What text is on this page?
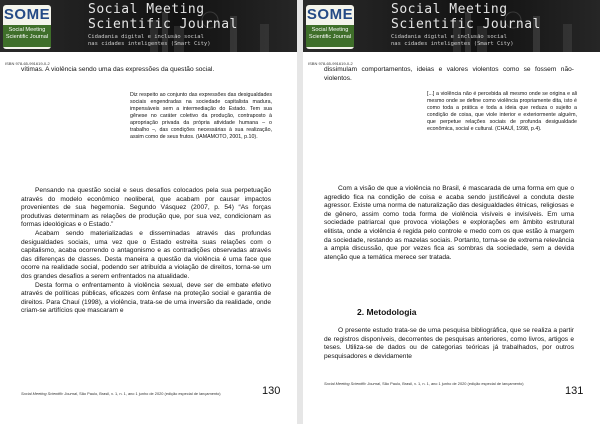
SOME
Social Meeting Scientific Journal
Social Meeting
Scientific Journal
Cidadania digital e inclusão social
nas cidades inteligentes (Smart City)
ISBN 978-65-991619-0-2

vítimas. A violência sendo uma das expressões da questão social.

Diz respeito ao conjunto das expressões das desigualdades sociais engendradas na sociedade capitalista madura, impensáveis sem a intermediação do Estado. Tem sua gênese no caráter coletivo da produção, contraposto à apropriação privada da própria atividade humana – o trabalho –, das condições necessárias à sua realização, assim como de seus frutos. (IAMAMOTO, 2001, p.10).

Pensando na questão social e seus desafios colocados pela sua perpetuação através do modelo econômico neoliberal, que acabam por causar impactos provenientes de sua hegemonia. Segundo Vásquez (2007, p. 54) “As forças produtivas determinam as relações de produção que, por sua vez, condicionam as formas ideológicas e o Estado.”

Acabam sendo materializadas e disseminadas através das profundas desigualdades sociais, uma vez que o Estado estreita suas relações com o capitalismo, acaba ocorrendo o antagonismo e as contradições observadas através das diferenças de classes. Desta maneira a questão da violência é uma face que ocorre na realidade social, podendo ser atribuída a violação de direitos, torna-se um dos grandes desafios a serem enfrentados na atualidade.

Desta forma o enfrentamento à violência sexual, deve ser de embate efetivo através de políticas públicas, eficazes com ênfase na proteção social e garantia de direitos. Para Chauí (1998), a violência, trata-se de uma inversão da realidade, onde criam-se artifícios que mascaram e

Social Meeting Scientific Journal, São Paulo, Brasil, v. 1, n. 1, ano 1 junho de 2020 (edição especial de lançamento)	130
SOME
Social Meeting Scientific Journal
Social Meeting
Scientific Journal
Cidadania digital e inclusão social
nas cidades inteligentes (Smart City)
ISBN 978-65-991619-0-2

dissimulam comportamentos, ideias e valores violentos como se fossem não-violentos.

[...] a violência não é percebida ali mesmo onde se origina e ali mesmo onde se define como violência propriamente dita, isto é como toda a prática e toda a ideia que reduza o sujeito a condição de coisa, que viole interior e exteriormente alguém, que perpetue relações sociais de profunda desigualdade econômica, social e cultural. (CHAUÍ, 1998, p.4).

Com a visão de que a violência no Brasil, é mascarada de uma forma em que o agredido fica na condição de coisa e acaba sendo justificável a conduta deste agressor. Existe uma norma de naturalização das desigualdades étnicas, religiosas e de gênero, assim como toda forma de violência visíveis e invisíveis. Em uma sociedade patriarcal que provoca violações e explorações em âmbito estrutural elitista, onde a violência é regida pelo controle e medo com os que estão à margem da sociedade, restando as mazelas sociais. Portanto, torna-se de extrema relevância a ampla discussão, que por vezes fica as sombras da sociedade, sem a devida atenção que a temática merece ser tratada.

2. Metodologia

O presente estudo trata-se de uma pesquisa bibliográfica, que se realiza a partir de registros disponíveis, decorrentes de pesquisas anteriores, como livros, artigos e teses. Utiliza-se de dados ou de categorias teóricas já trabalhados, por outros pesquisadores e devidamente

Social Meeting Scientific Journal, São Paulo, Brasil, v. 1, n. 1, ano 1 junho de 2020 (edição especial de lançamento)
131
